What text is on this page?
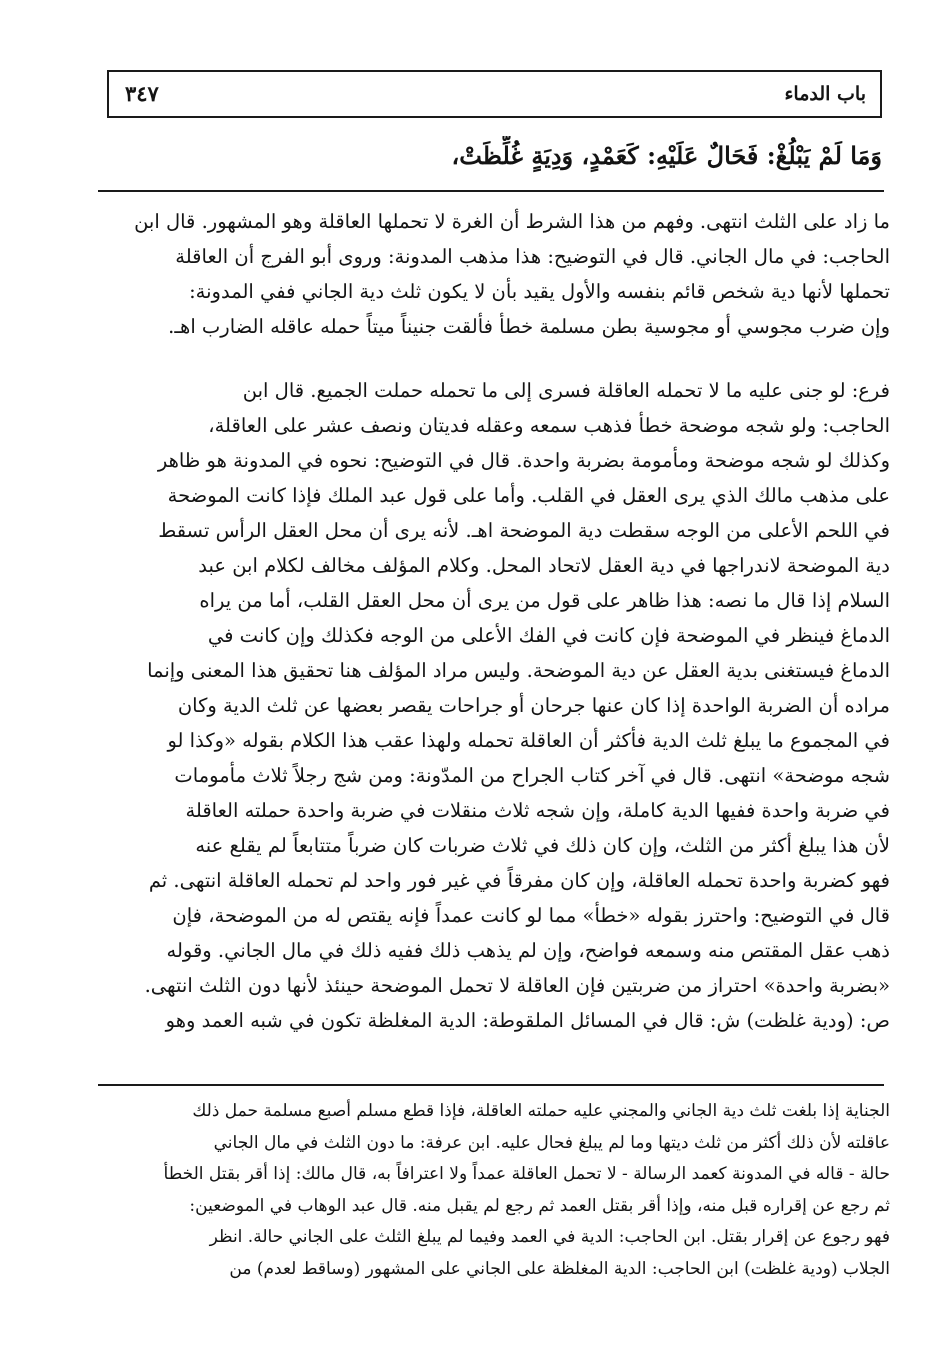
باب الدماء
٣٤٧
وَمَا لَمْ يَبْلُغْ: فَحَالٌ عَلَيْهِ: كَعَمْدٍ، وَدِيَةٍ غُلِّظَتْ،
ما زاد على الثلث انتهى. وفهم من هذا الشرط أن الغرة لا تحملها العاقلة وهو المشهور. قال ابن
الحاجب: في مال الجاني. قال في التوضيح: هذا مذهب المدونة: وروى أبو الفرج أن العاقلة
تحملها لأنها دية شخص قائم بنفسه والأول يقيد بأن لا يكون ثلث دية الجاني ففي المدونة:
وإن ضرب مجوسي أو مجوسية بطن مسلمة خطأ فألقت جنيناً ميتاً حمله عاقله الضارب اهـ.
فرع: لو جنى عليه ما لا تحمله العاقلة فسرى إلى ما تحمله حملت الجميع. قال ابن
الحاجب: ولو شجه موضحة خطأ فذهب سمعه وعقله فديتان ونصف عشر على العاقلة،
وكذلك لو شجه موضحة ومأمومة بضربة واحدة. قال في التوضيح: نحوه في المدونة هو ظاهر
على مذهب مالك الذي يرى العقل في القلب. وأما على قول عبد الملك فإذا كانت الموضحة
في اللحم الأعلى من الوجه سقطت دية الموضحة اهـ. لأنه يرى أن محل العقل الرأس تسقط
دية الموضحة لاندراجها في دية العقل لاتحاد المحل. وكلام المؤلف مخالف لكلام ابن عبد
السلام إذا قال ما نصه: هذا ظاهر على قول من يرى أن محل العقل القلب، أما من يراه
الدماغ فينظر في الموضحة فإن كانت في الفك الأعلى من الوجه فكذلك وإن كانت في
الدماغ فيستغنى بدية العقل عن دية الموضحة. وليس مراد المؤلف هنا تحقيق هذا المعنى وإنما
مراده أن الضربة الواحدة إذا كان عنها جرحان أو جراحات يقصر بعضها عن ثلث الدية وكان
في المجموع ما يبلغ ثلث الدية فأكثر أن العاقلة تحمله ولهذا عقب هذا الكلام بقوله «وكذا لو
شجه موضحة» انتهى. قال في آخر كتاب الجراح من المدّونة: ومن شج رجلاً ثلاث مأمومات
في ضربة واحدة ففيها الدية كاملة، وإن شجه ثلاث منقلات في ضربة واحدة حملته العاقلة
لأن هذا يبلغ أكثر من الثلث، وإن كان ذلك في ثلاث ضربات كان ضرباً متتابعاً لم يقلع عنه
فهو كضربة واحدة تحمله العاقلة، وإن كان مفرقاً في غير فور واحد لم تحمله العاقلة انتهى. ثم
قال في التوضيح: واحترز بقوله «خطأ» مما لو كانت عمداً فإنه يقتص له من الموضحة، فإن
ذهب عقل المقتص منه وسمعه فواضح، وإن لم يذهب ذلك ففيه ذلك في مال الجاني. وقوله
«بضربة واحدة» احتراز من ضربتين فإن العاقلة لا تحمل الموضحة حينئذ لأنها دون الثلث انتهى.
ص: (ودية غلظت) ش: قال في المسائل الملقوطة: الدية المغلظة تكون في شبه العمد وهو
الجناية إذا بلغت ثلث دية الجاني والمجني عليه حملته العاقلة، فإذا قطع مسلم أصبع مسلمة حمل ذلك
عاقلته لأن ذلك أكثر من ثلث ديتها وما لم يبلغ فحال عليه. ابن عرفة: ما دون الثلث في مال الجاني
حالة - قاله في المدونة كعمد الرسالة - لا تحمل العاقلة عمداً ولا اعترافاً به، قال مالك: إذا أقر بقتل الخطأ
ثم رجع عن إقراره قبل منه، وإذا أقر بقتل العمد ثم رجع لم يقبل منه. قال عبد الوهاب في الموضعين:
فهو رجوع عن إقرار بقتل. ابن الحاجب: الدية في العمد وفيما لم يبلغ الثلث على الجاني حالة. انظر
الجلاب (ودية غلظت) ابن الحاجب: الدية المغلظة على الجاني على المشهور (وساقط لعدم) من
